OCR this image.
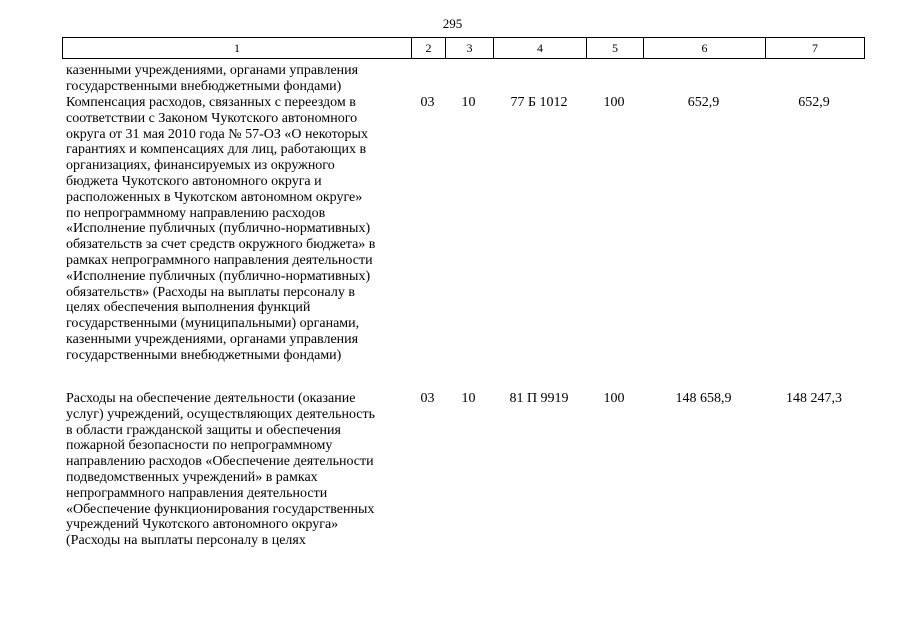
295
1	2	3	4	5	6	7
казенными учреждениями, органами управления
государственными внебюджетными фондами)
Компенсация расходов, связанных с переездом в
соответствии с Законом Чукотского автономного
округа от 31 мая 2010 года № 57-ОЗ «О некоторых
гарантиях и компенсациях для лиц, работающих в
организациях, финансируемых из окружного
бюджета Чукотского автономного округа и
расположенных в Чукотском автономном округе»
по непрограммному направлению расходов
«Исполнение публичных (публично-нормативных)
обязательств за счет средств окружного бюджета» в
рамках непрограммного направления деятельности
«Исполнение публичных (публично-нормативных)
обязательств» (Расходы на выплаты персоналу в
целях обеспечения выполнения функций
государственными (муниципальными) органами,
казенными учреждениями, органами управления
государственными внебюджетными фондами)
03	10	77 Б 1012	100	652,9	652,9
Расходы на обеспечение деятельности (оказание
услуг) учреждений, осуществляющих деятельность
в области гражданской защиты и обеспечения
пожарной безопасности по непрограммному
направлению расходов «Обеспечение деятельности
подведомственных учреждений» в рамках
непрограммного направления деятельности
«Обеспечение функционирования государственных
учреждений Чукотского автономного округа»
(Расходы на выплаты персоналу в целях
03	10	81 П 9919	100	148 658,9	148 247,3
